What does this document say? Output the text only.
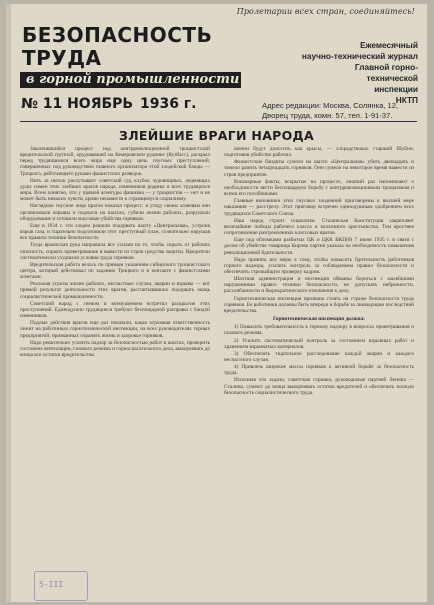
Пролетарии всех стран, соединяйтесь!
БЕЗОПАСНОСТЬ
ТРУДА
в горной промышленности
№ 11 НОЯБРЬ 1936 г.
Ежемесячный
научно-технический журнал
Главной горно-
технической
инспекции
НКТП
Адрес редакции: Москва, Солянка, 12,
Дворец труда, комн. 57, тел. 1-91-37.
ЗЛЕЙШИЕ ВРАГИ НАРОДА

Закончившийся процесс над контрреволюционной троцкистской вредительской группой, орудовавшей на Кемеровском руднике (Кузбасс), раскрыл перед трудящимися всего мира еще одну цепь гнусных преступлений, совершенных под руководством главного организатора этой злодейской банды — Троцкого, работающего руками фашистских разведок.

Нить за нитью распутывает советский суд клубок чудовищных, леденящих душу измен этих злейших врагов народа, изменников родины и всех трудящихся мира. Всем понятно, что у прямой агентуры фашизма — у троцкистов — нет и не может быть никаких чувств, кроме ненависти к строящемуся социализму.

Наглядное гнусное лицо врагов показал процесс: в угоду своим хозяевам они организовали взрывы и поджоги на шахтах, губили жизни рабочих, разрушали оборудование и готовили массовые убийства горняков.

Еще в 1934 г. эти злодеи решили подорвать шахту «Центральная», устроив взрыв газа, и тщательно подготовили этот преступный план, сознательно нарушая все правила техники безопасности.

Тогда вражеская рука направила все усилия на то, чтобы скрыть от рабочих опасность, сорвать проветривание и вывести из строя средства защиты. Вредители систематически ухудшали условия труда горняков.

Вредительская работа велась по прямым указаниям сибирского троцкистского центра, который действовал по заданию Троцкого и в контакте с фашистскими агентами.

Реальная угрозы жизни рабочих, несчастные случаи, аварии и взрывы — вот прямой результат деятельности этих врагов, рассчитывавших подорвать мощь социалистической промышленности.

Советский народ с гневом и возмущением встретил раскрытие этих преступлений. Единодушно трудящиеся требуют беспощадной расправы с бандой изменников.

Подлые действия врагов еще раз показали, какая огромная ответственность лежит на работниках горнотехнической инспекции, на всех руководителях горных предприятий, призванных охранять жизнь и здоровье горняков.

Надо решительно усилить надзор за безопасностью работ в шахтах, проверить состояние вентиляции, газового режима и горноспасательного дела, выкорчевать до конца все остатки вредительства.

шении будут доносить как крысы, — злорадствовал старший Шубин, подготовив убийство рабочих.

Фашистские бандиты сумели на шахте «Центральная» убить двенадцать и тяжело ранить четырнадцать горняков. Они сумели на некоторое время вывести из строя предприятие.

Кошмарные факты, вскрытые на процессе, лишний раз напоминают о необходимости вести беспощадную борьбу с контрреволюционным троцкизмом и всеми его пособниками.

Главные виновники этих гнусных злодеяний приговорены к высшей мере наказания — расстрелу. Этот приговор встречен единодушным одобрением всех трудящихся Советского Союза.

Наш народ строит социализм. Сталинская Конституция закрепляет величайшие победы рабочего класса и колхозного крестьянства. Тем яростнее сопротивление разгромленных классовых врагов.

Еще под обломками разбитых ЦК и ЦКК ВКП(б) 7 июня 1935 г. в связи с делом об убийстве товарища Кирова партия указала на необходимость повышения революционной бдительности.

Надо принять все меры к тому, чтобы повысить бдительность работников горного надзора, усилить контроль за соблюдением правил безопасности и обеспечить строжайшую проверку кадров.

Шахтная администрация и инспекция обязаны бороться с малейшими нарушениями правил техники безопасности, не допускать небрежности, расхлябанности и бюрократического отношения к делу.

Горнотехническая инспекция призвана стоять на страже безопасности труда горняков. Ее работники должны быть впереди в борьбе за ликвидацию последствий вредительства.

Горнотехническая инспекция должна:

1) Повысить требовательность к горному надзору в вопросах проветривания и газового режима.

2) Усилить систематический контроль за состоянием взрывных работ и хранением взрывчатых материалов.

3) Обеспечить тщательное расследование каждой аварии и каждого несчастного случая.

4) Привлечь широкие массы горняков к активной борьбе за безопасность труда.

Исполняя эти задачи, советские горняки, руководимые партией Ленина — Сталина, сумеют до конца выкорчевать остатки вредителей и обеспечить полную безопасность социалистического труда.

5-III
